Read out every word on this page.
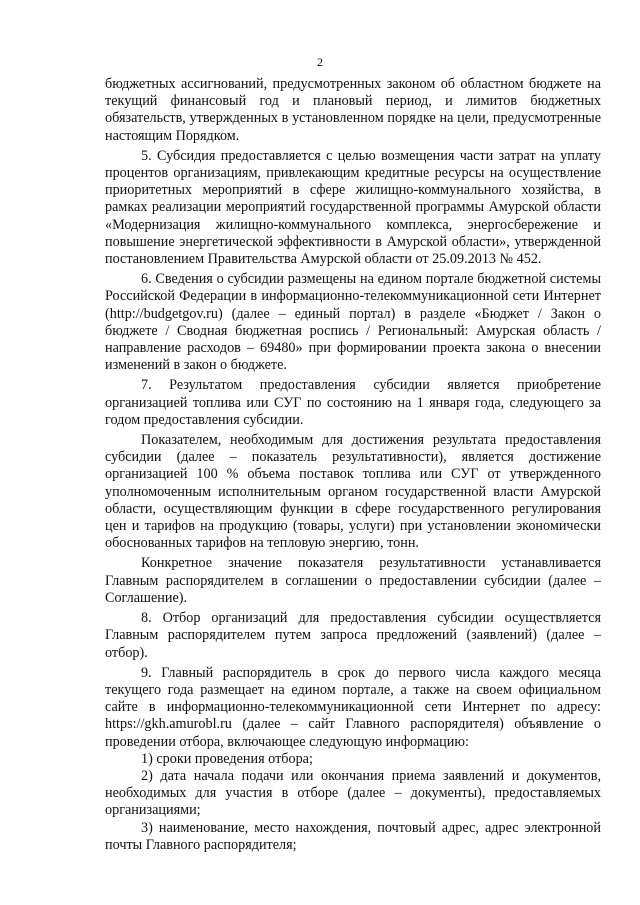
2

бюджетных ассигнований, предусмотренных законом об областном бюджете на текущий финансовый год и плановый период, и лимитов бюджетных обязательств, утвержденных в установленном порядке на цели, предусмотренные настоящим Порядком.

5. Субсидия предоставляется с целью возмещения части затрат на уплату процентов организациям, привлекающим кредитные ресурсы на осуществление приоритетных мероприятий в сфере жилищно-коммунального хозяйства, в рамках реализации мероприятий государственной программы Амурской области «Модернизация жилищно-коммунального комплекса, энергосбережение и повышение энергетической эффективности в Амурской области», утвержденной постановлением Правительства Амурской области от 25.09.2013 № 452.

6. Сведения о субсидии размещены на едином портале бюджетной системы Российской Федерации в информационно-телекоммуникационной сети Интернет (http://budgetgov.ru) (далее – единый портал) в разделе «Бюджет / Закон о бюджете / Сводная бюджетная роспись / Региональный: Амурская область / направление расходов – 69480» при формировании проекта закона о внесении изменений в закон о бюджете.

7. Результатом предоставления субсидии является приобретение организацией топлива или СУГ по состоянию на 1 января года, следующего за годом предоставления субсидии.

Показателем, необходимым для достижения результата предоставления субсидии (далее – показатель результативности), является достижение организацией 100 % объема поставок топлива или СУГ от утвержденного уполномоченным исполнительным органом государственной власти Амурской области, осуществляющим функции в сфере государственного регулирования цен и тарифов на продукцию (товары, услуги) при установлении экономически обоснованных тарифов на тепловую энергию, тонн.

Конкретное значение показателя результативности устанавливается Главным распорядителем в соглашении о предоставлении субсидии (далее – Соглашение).

8. Отбор организаций для предоставления субсидии осуществляется Главным распорядителем путем запроса предложений (заявлений) (далее – отбор).

9. Главный распорядитель в срок до первого числа каждого месяца текущего года размещает на едином портале, а также на своем официальном сайте в информационно-телекоммуникационной сети Интернет по адресу: https://gkh.amurobl.ru (далее – сайт Главного распорядителя) объявление о проведении отбора, включающее следующую информацию:

1) сроки проведения отбора;

2) дата начала подачи или окончания приема заявлений и документов, необходимых для участия в отборе (далее – документы), предоставляемых организациями;

3) наименование, место нахождения, почтовый адрес, адрес электронной почты Главного распорядителя;
